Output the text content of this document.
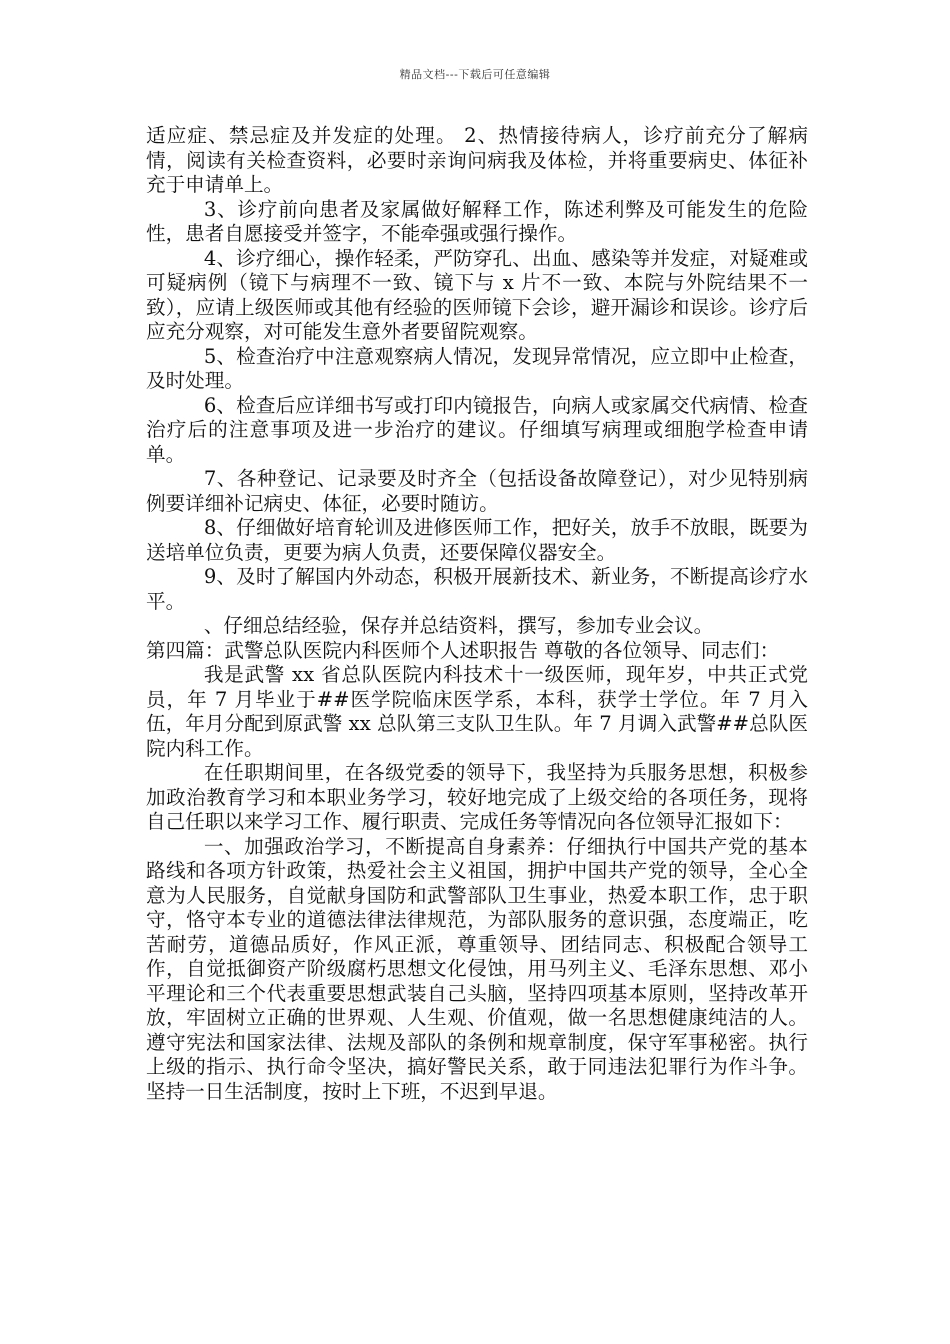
精品文档---下载后可任意编辑

适应症、禁忌症及并发症的处理。 2、热情接待病人，诊疗前充分了解病情，阅读有关检查资料，必要时亲询问病我及体检，并将重要病史、体征补充于申请单上。

3、诊疗前向患者及家属做好解释工作，陈述利弊及可能发生的危险性，患者自愿接受并签字，不能牵强或强行操作。

4、诊疗细心，操作轻柔，严防穿孔、出血、感染等并发症，对疑难或可疑病例（镜下与病理不一致、镜下与 x 片不一致、本院与外院结果不一致），应请上级医师或其他有经验的医师镜下会诊，避开漏诊和误诊。诊疗后应充分观察，对可能发生意外者要留院观察。

5、检查治疗中注意观察病人情况，发现异常情况，应立即中止检查，及时处理。

6、检查后应详细书写或打印内镜报告，向病人或家属交代病情、检查治疗后的注意事项及进一步治疗的建议。仔细填写病理或细胞学检查申请单。

7、各种登记、记录要及时齐全（包括设备故障登记），对少见特别病例要详细补记病史、体征，必要时随访。

8、仔细做好培育轮训及进修医师工作，把好关，放手不放眼，既要为送培单位负责，更要为病人负责，还要保障仪器安全。

9、及时了解国内外动态，积极开展新技术、新业务，不断提高诊疗水平。

、仔细总结经验，保存并总结资料，撰写，参加专业会议。

第四篇：武警总队医院内科医师个人述职报告 尊敬的各位领导、同志们：

我是武警 xx 省总队医院内科技术十一级医师，现年岁，中共正式党员，年 7 月毕业于##医学院临床医学系，本科，获学士学位。年 7 月入伍，年月分配到原武警 xx 总队第三支队卫生队。年 7 月调入武警##总队医院内科工作。

在任职期间里，在各级党委的领导下，我坚持为兵服务思想，积极参加政治教育学习和本职业务学习，较好地完成了上级交给的各项任务，现将自己任职以来学习工作、履行职责、完成任务等情况向各位领导汇报如下：

一、加强政治学习，不断提高自身素养：仔细执行中国共产党的基本路线和各项方针政策，热爱社会主义祖国，拥护中国共产党的领导，全心全意为人民服务，自觉献身国防和武警部队卫生事业，热爱本职工作，忠于职守，恪守本专业的道德法律法律规范，为部队服务的意识强，态度端正，吃苦耐劳，道德品质好，作风正派，尊重领导、团结同志、积极配合领导工作，自觉抵御资产阶级腐朽思想文化侵蚀，用马列主义、毛泽东思想、邓小平理论和三个代表重要思想武装自己头脑，坚持四项基本原则，坚持改革开放，牢固树立正确的世界观、人生观、价值观，做一名思想健康纯洁的人。遵守宪法和国家法律、法规及部队的条例和规章制度，保守军事秘密。执行上级的指示、执行命令坚决，搞好警民关系，敢于同违法犯罪行为作斗争。坚持一日生活制度，按时上下班，不迟到早退。
